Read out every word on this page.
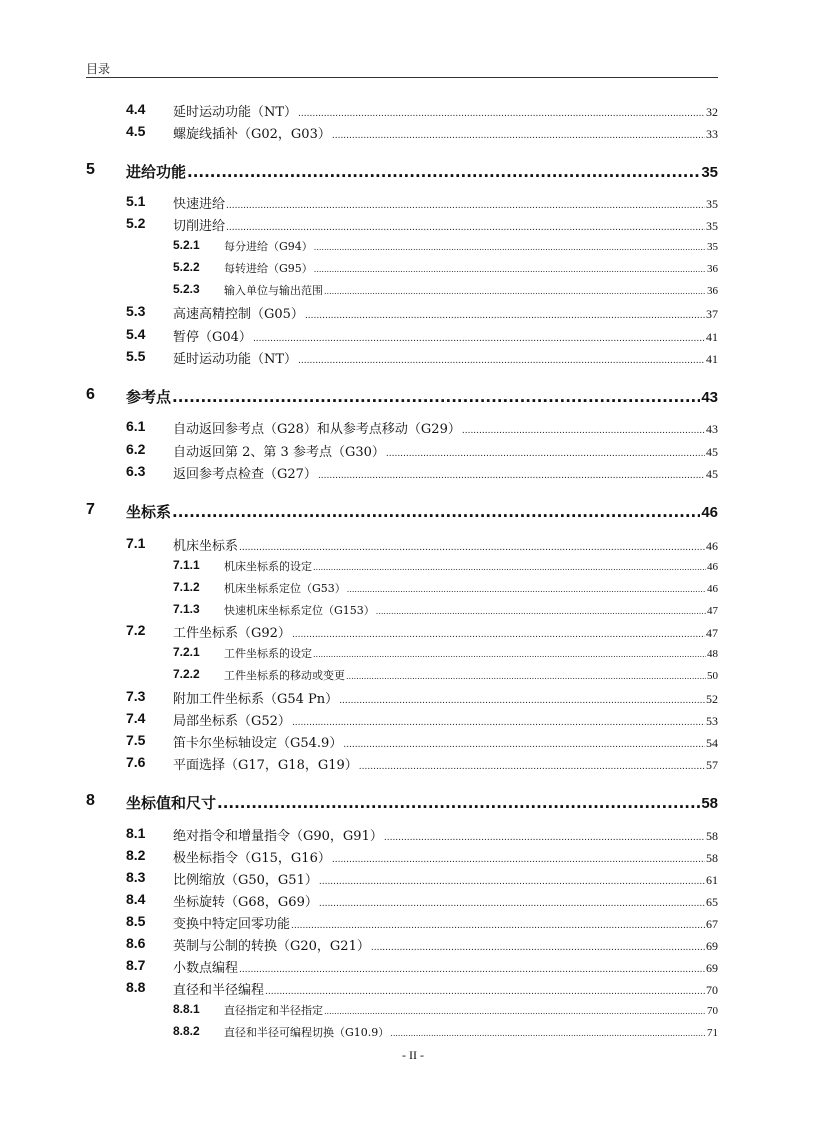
目录
4.4 延时运动功能（NT） .....	32
4.5 螺旋线插补（G02，G03） .....	33
5 进给功能 .....	35
5.1 快速进给 .....	35
5.2 切削进给 .....	35
5.2.1 每分进给（G94） .....	35
5.2.2 每转进给（G95） .....	36
5.2.3 输入单位与输出范围 .....	36
5.3 高速高精控制（G05） .....	37
5.4 暂停（G04） .....	41
5.5 延时运动功能（NT） .....	41
6 参考点 .....	43
6.1 自动返回参考点（G28）和从参考点移动（G29） .....	43
6.2 自动返回第 2、第 3 参考点（G30） .....	45
6.3 返回参考点检查（G27） .....	45
7 坐标系 .....	46
7.1 机床坐标系 .....	46
7.1.1 机床坐标系的设定 .....	46
7.1.2 机床坐标系定位（G53） .....	46
7.1.3 快速机床坐标系定位（G153） .....	47
7.2 工件坐标系（G92） .....	47
7.2.1 工件坐标系的设定 .....	48
7.2.2 工件坐标系的移动或变更 .....	50
7.3 附加工件坐标系（G54 Pn） .....	52
7.4 局部坐标系（G52） .....	53
7.5 笛卡尔坐标轴设定（G54.9） .....	54
7.6 平面选择（G17，G18，G19） .....	57
8 坐标值和尺寸 .....	58
8.1 绝对指令和增量指令（G90，G91） .....	58
8.2 极坐标指令（G15，G16） .....	58
8.3 比例缩放（G50，G51） .....	61
8.4 坐标旋转（G68，G69） .....	65
8.5 变换中特定回零功能 .....	67
8.6 英制与公制的转换（G20，G21） .....	69
8.7 小数点编程 .....	69
8.8 直径和半径编程 .....	70
8.8.1 直径指定和半径指定 .....	70
8.8.2 直径和半径可编程切换（G10.9） .....	71
- II -
